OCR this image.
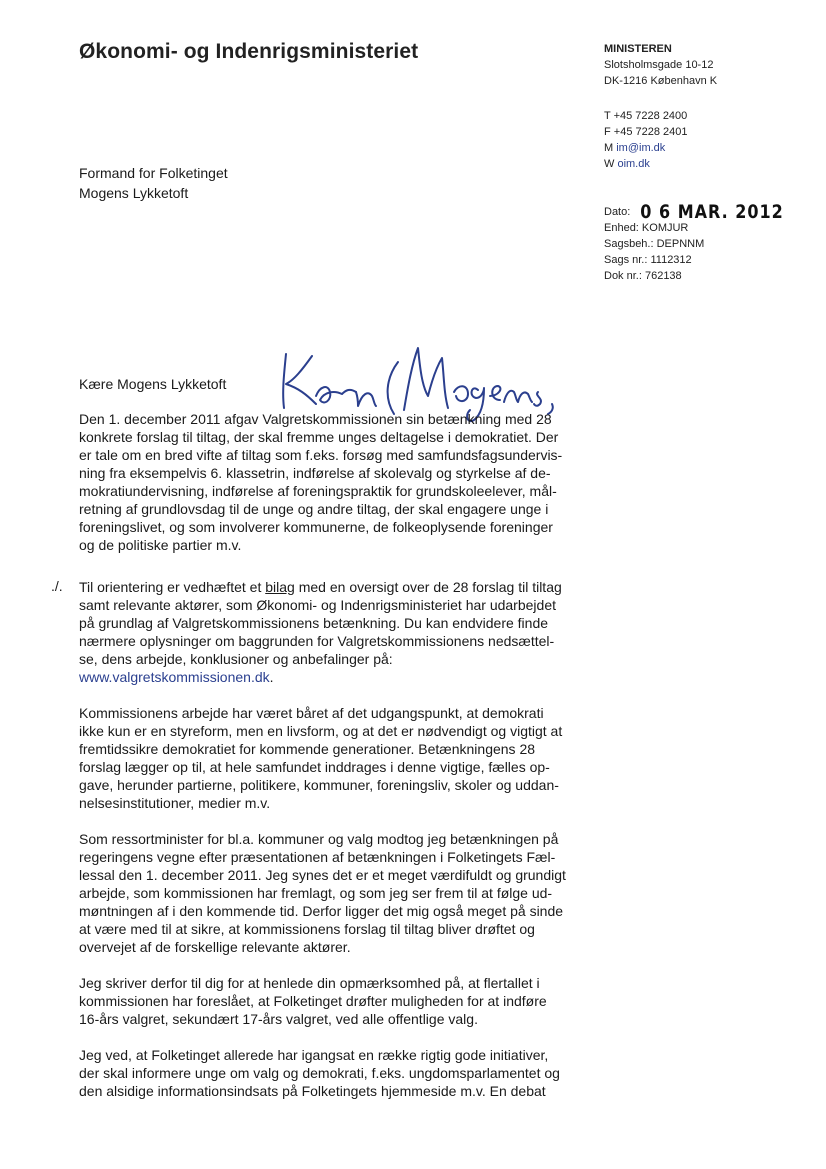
Økonomi- og Indenrigsministeriet	MINISTEREN
Slotsholmsgade 10-12
DK-1216 København K
T +45 7228 2400
F +45 7228 2401
M im@im.dk
W oim.dk
Dato: 0 6 MAR. 2012
Enhed: KOMJUR
Sagsbeh.: DEPNNM
Sags nr.: 1112312
Dok nr.: 762138
Formand for Folketinget
Mogens Lykketoft
Kære Mogens Lykketoft
Den 1. december 2011 afgav Valgretskommissionen sin betænkning med 28
konkrete forslag til tiltag, der skal fremme unges deltagelse i demokratiet. Der
er tale om en bred vifte af tiltag som f.eks. forsøg med samfundsfagsundervis-
ning fra eksempelvis 6. klassetrin, indførelse af skolevalg og styrkelse af de-
mokratiundervisning, indførelse af foreningspraktik for grundskoleelever, mål-
retning af grundlovsdag til de unge og andre tiltag, der skal engagere unge i
foreningslivet, og som involverer kommunerne, de folkeoplysende foreninger
og de politiske partier m.v.
./. Til orientering er vedhæftet et bilag med en oversigt over de 28 forslag til tiltag
samt relevante aktører, som Økonomi- og Indenrigsministeriet har udarbejdet
på grundlag af Valgretskommissionens betænkning. Du kan endvidere finde
nærmere oplysninger om baggrunden for Valgretskommissionens nedsættel-
se, dens arbejde, konklusioner og anbefalinger på:
www.valgretskommissionen.dk.
Kommissionens arbejde har været båret af det udgangspunkt, at demokrati
ikke kun er en styreform, men en livsform, og at det er nødvendigt og vigtigt at
fremtidssikre demokratiet for kommende generationer. Betænkningens 28
forslag lægger op til, at hele samfundet inddrages i denne vigtige, fælles op-
gave, herunder partierne, politikere, kommuner, foreningsliv, skoler og uddan-
nelsesinstitutioner, medier m.v.
Som ressortminister for bl.a. kommuner og valg modtog jeg betænkningen på
regeringens vegne efter præsentationen af betænkningen i Folketingets Fæl-
lessal den 1. december 2011. Jeg synes det er et meget værdifuldt og grundigt
arbejde, som kommissionen har fremlagt, og som jeg ser frem til at følge ud-
møntningen af i den kommende tid. Derfor ligger det mig også meget på sinde
at være med til at sikre, at kommissionens forslag til tiltag bliver drøftet og
overvejet af de forskellige relevante aktører.
Jeg skriver derfor til dig for at henlede din opmærksomhed på, at flertallet i
kommissionen har foreslået, at Folketinget drøfter muligheden for at indføre
16-års valgret, sekundært 17-års valgret, ved alle offentlige valg.
Jeg ved, at Folketinget allerede har igangsat en række rigtig gode initiativer,
der skal informere unge om valg og demokrati, f.eks. ungdomsparlamentet og
den alsidige informationsindsats på Folketingets hjemmeside m.v. En debat
